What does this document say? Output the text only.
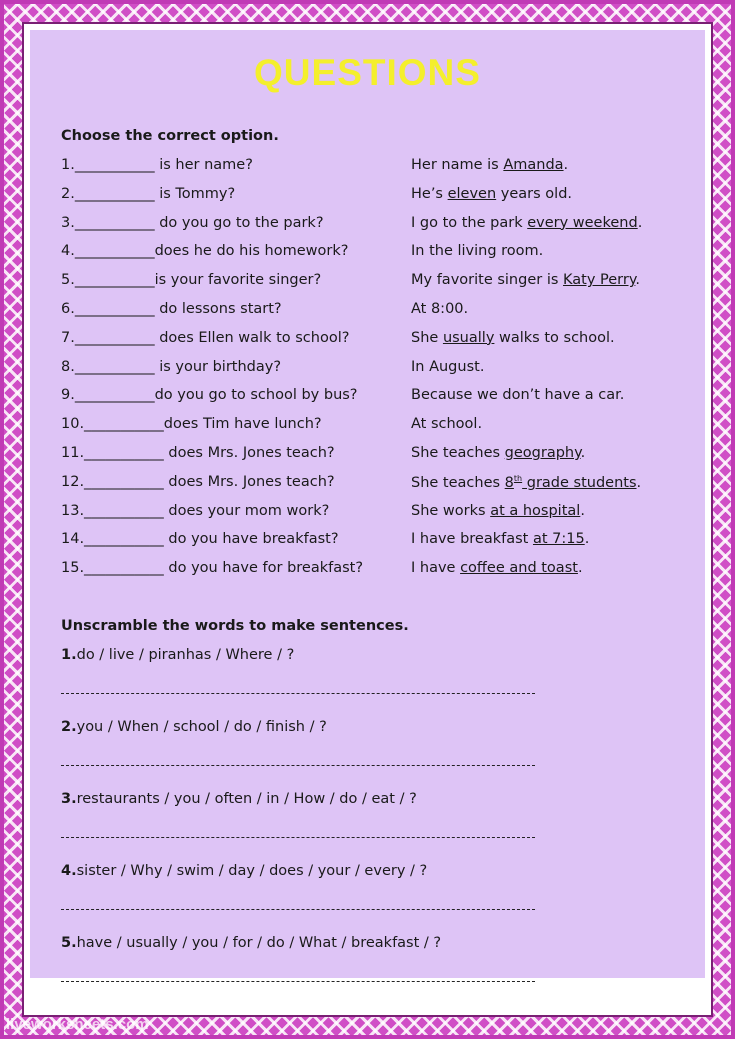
QUESTIONS
Choose the correct option.
1.___________ is her name?	Her name is Amanda.
2.___________ is Tommy?	He’s eleven years old.
3.___________ do you go to the park?	I go to the park every weekend.
4.___________does he do his homework?	In the living room.
5.___________is your favorite singer?	My favorite singer is Katy Perry.
6.___________ do lessons start?	At 8:00.
7.___________ does Ellen walk to school?	She usually walks to school.
8.___________ is your birthday?	In August.
9.___________do you go to school by bus?	Because we don’t have a car.
10.___________does Tim have lunch?	At school.
11.___________ does Mrs. Jones teach?	She teaches geography.
12.___________ does Mrs. Jones teach?	She teaches 8th grade students.
13.___________ does your mom work?	She works at a hospital.
14.___________ do you have breakfast?	I have breakfast at 7:15.
15.___________ do you have for breakfast?	I have coffee and toast.
Unscramble the words to make sentences.
1.do / live / piranhas / Where / ?
2.you / When / school / do / finish / ?
3.restaurants / you / often / in / How / do / eat / ?
4.sister / Why / swim / day / does / your / every / ?
5.have / usually / you / for / do / What / breakfast / ?
liveworksheets.com
